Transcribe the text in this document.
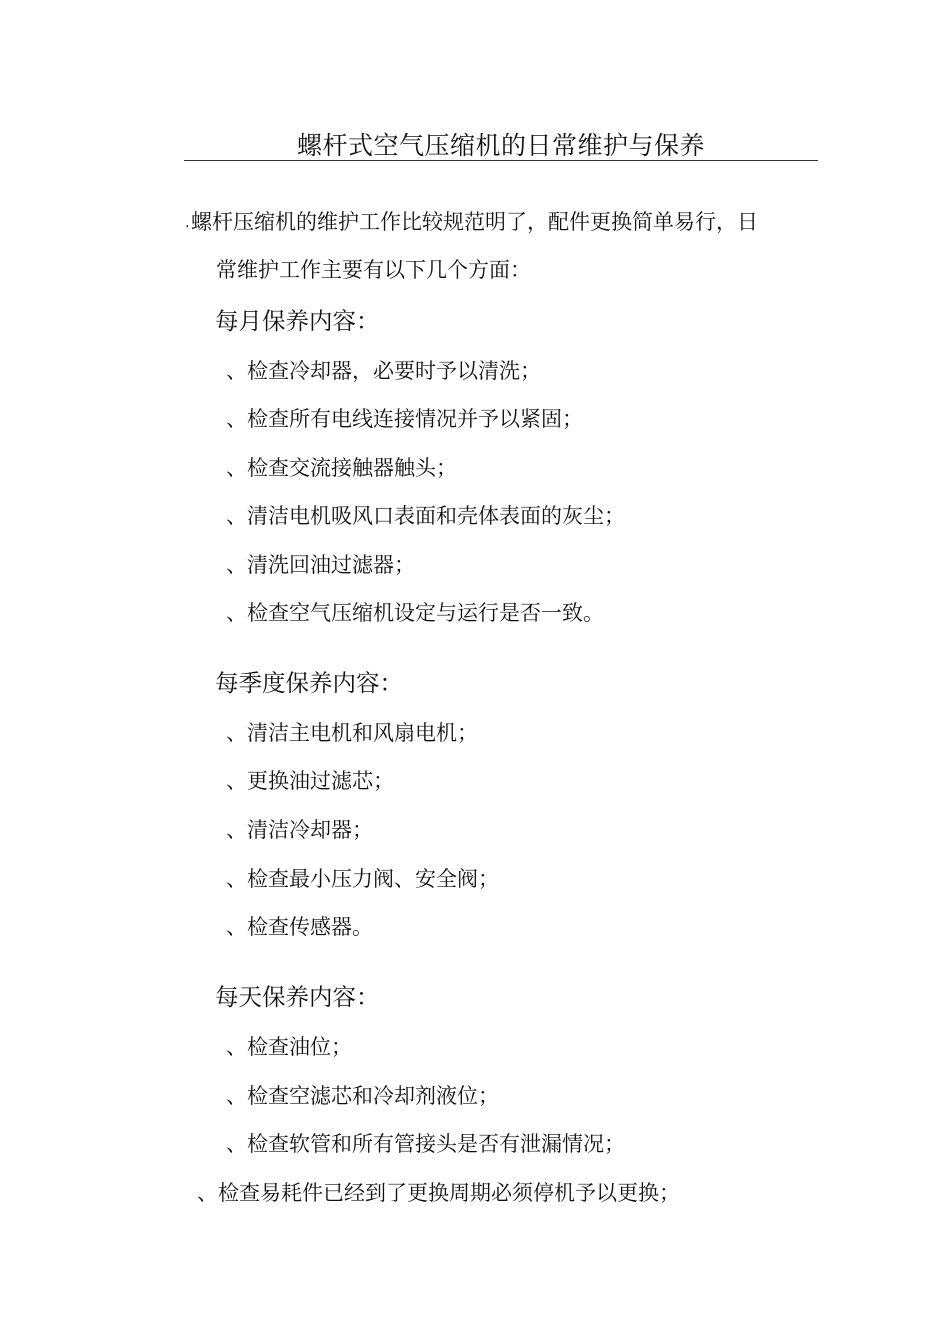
螺杆式空气压缩机的日常维护与保养
· 螺杆压缩机的维护工作比较规范明了，配件更换简单易行，日
常维护工作主要有以下几个方面：
每月保养内容：
、检查冷却器，必要时予以清洗；
、检查所有电线连接情况并予以紧固；
、检查交流接触器触头；
、清洁电机吸风口表面和壳体表面的灰尘；
、清洗回油过滤器；
、检查空气压缩机设定与运行是否一致。
每季度保养内容：
、清洁主电机和风扇电机；
、更换油过滤芯；
、清洁冷却器；
、检查最小压力阀、安全阀；
、检查传感器。
每天保养内容：
、检查油位；
、检查空滤芯和冷却剂液位；
、检查软管和所有管接头是否有泄漏情况；
、检查易耗件已经到了更换周期必须停机予以更换；
